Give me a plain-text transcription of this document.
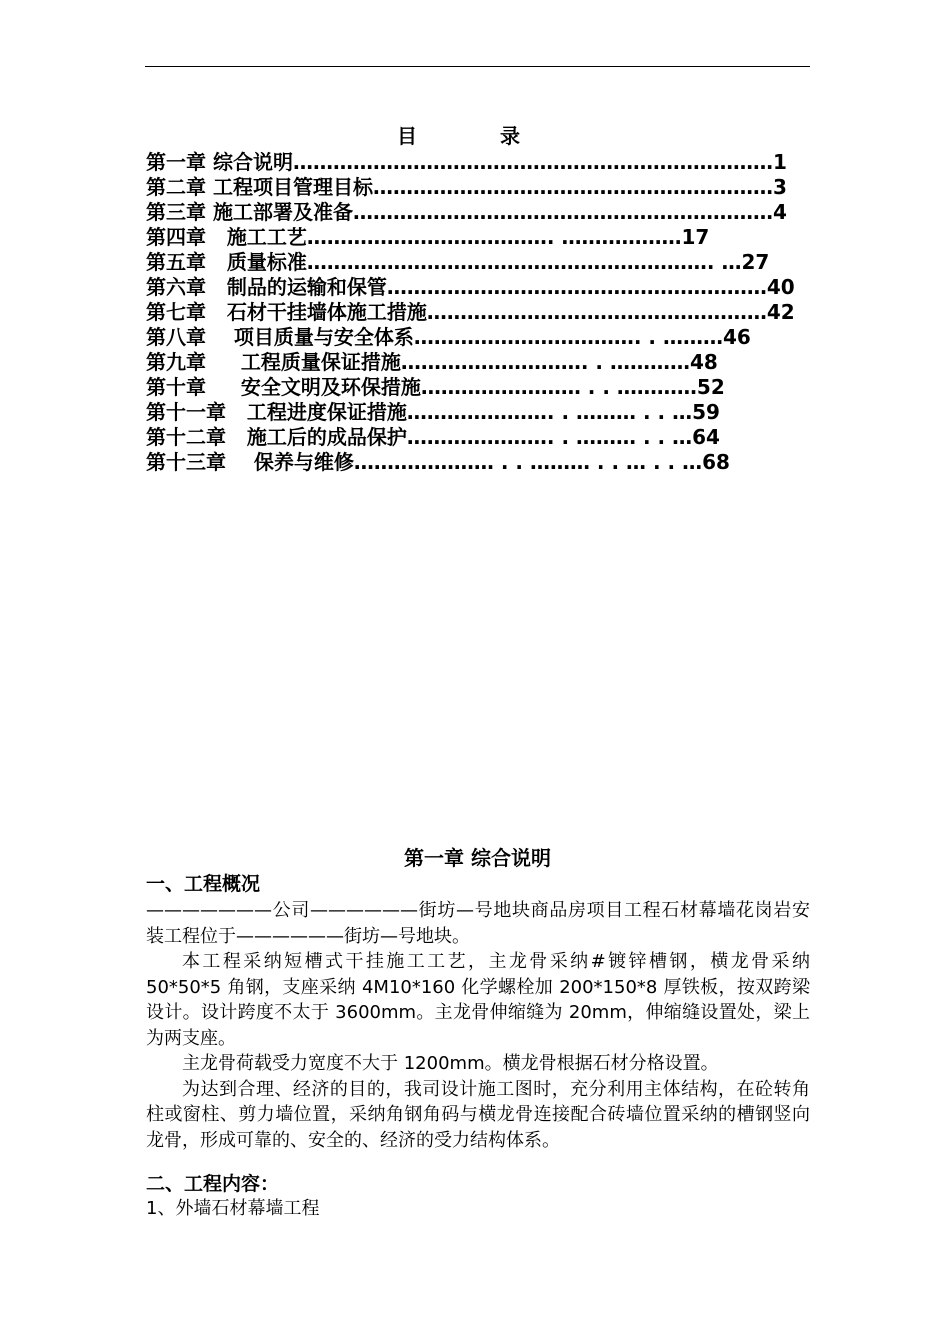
目 录
第一章 综合说明………………………………………………………………1
第二章 工程项目管理目标……………………………………………………3
第三章 施工部署及准备………………………………………………………4
第四章 施工工艺………………………………. ………………17
第五章 质量标准……………………………………………………. …27
第六章 制品的运输和保管…………………………………………………40
第七章 石材干挂墙体施工措施……………………………………………42
第八章 项目质量与安全体系……………………………. . ………46
第九章 工程质量保证措施………………………. . …………48
第十章 安全文明及环保措施…………………… . . …………52
第十一章 工程进度保证措施…………………. . ……… . . …59
第十二章 施工后的成品保护…………………. . ……… . . …64
第十三章 保养与维修………………… . . ……… . . … . . …68
第一章 综合说明
一、工程概况

———————公司——————街坊—号地块商品房项目工程石材幕墙花岗岩安装工程位于——————街坊—号地块。

本工程采纳短槽式干挂施工工艺，主龙骨采纳#镀锌槽钢，横龙骨采纳 50*50*5 角钢，支座采纳 4M10*160 化学螺栓加 200*150*8 厚铁板，按双跨梁设计。设计跨度不太于 3600mm。主龙骨伸缩缝为 20mm，伸缩缝设置处，梁上为两支座。

主龙骨荷载受力宽度不大于 1200mm。横龙骨根据石材分格设置。

为达到合理、经济的目的，我司设计施工图时，充分利用主体结构，在砼转角柱或窗柱、剪力墙位置，采纳角钢角码与横龙骨连接配合砖墙位置采纳的槽钢竖向龙骨，形成可靠的、安全的、经济的受力结构体系。

二、工程内容：
1、外墙石材幕墙工程
